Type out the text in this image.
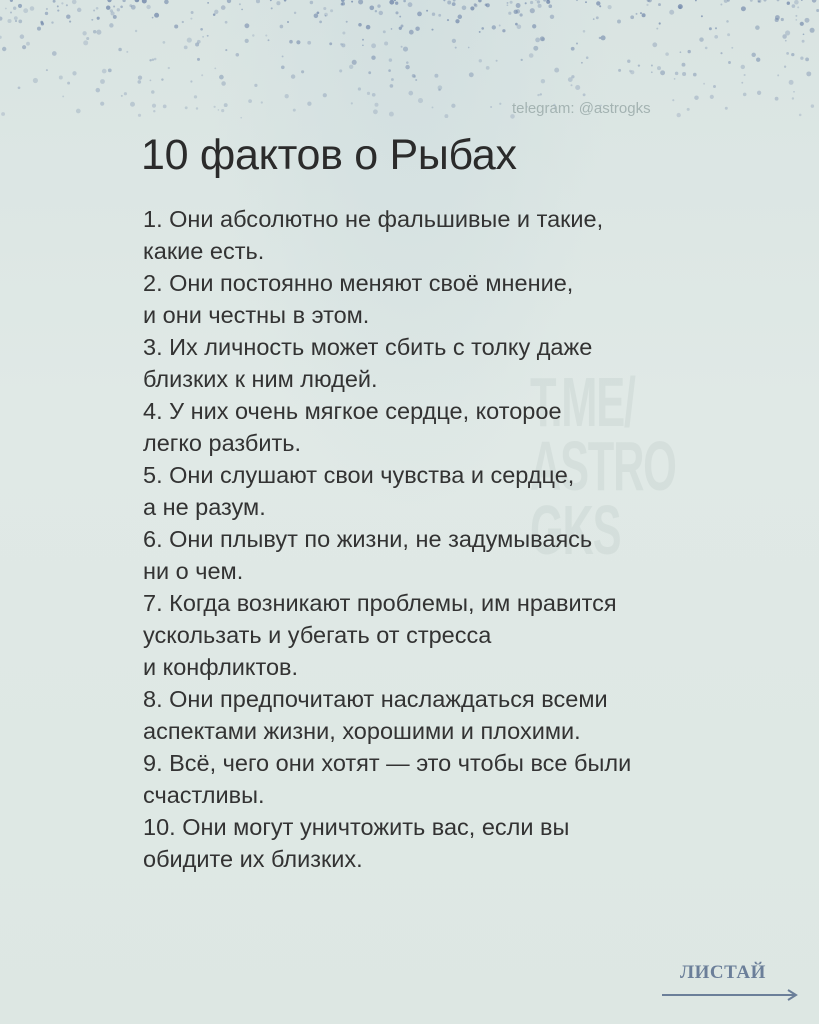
T.ME/
ASTRO
GKS
telegram: @astrogks
10 фактов о Рыбах
1. Они абсолютно не фальшивые и такие,
какие есть.
2. Они постоянно меняют своё мнение,
и они честны в этом.
3. Их личность может сбить с толку даже
близких к ним людей.
4. У них очень мягкое сердце, которое
легко разбить.
5. Они слушают свои чувства и сердце,
а не разум.
6. Они плывут по жизни, не задумываясь
ни о чем.
7. Когда возникают проблемы, им нравится
ускользать и убегать от стресса
и конфликтов.
8. Они предпочитают наслаждаться всеми
аспектами жизни, хорошими и плохими.
9. Всё, чего они хотят — это чтобы все были
счастливы.
10. Они могут уничтожить вас, если вы
обидите их близких.
ЛИСТАЙ
